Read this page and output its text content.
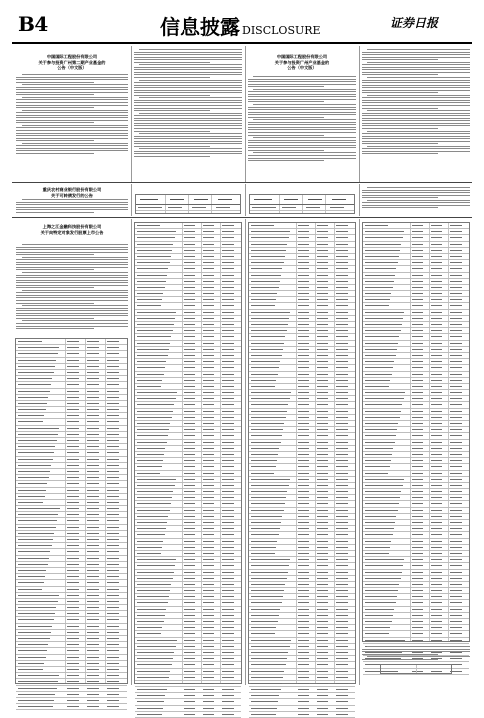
B4	信息披露 DISCLOSURE
证券日报
中国国际工程股份有限公司
关于参与投资广州第二期产业基金的
公告（中文版）
中国国际工程股份有限公司
关于参与投资广州产业基金的
公告（中文版）
重庆农村商业银行股份有限公司
关于可转债发行的公告
上海之江金融科技股份有限公司
关于向特定对象发行股票上市公告
